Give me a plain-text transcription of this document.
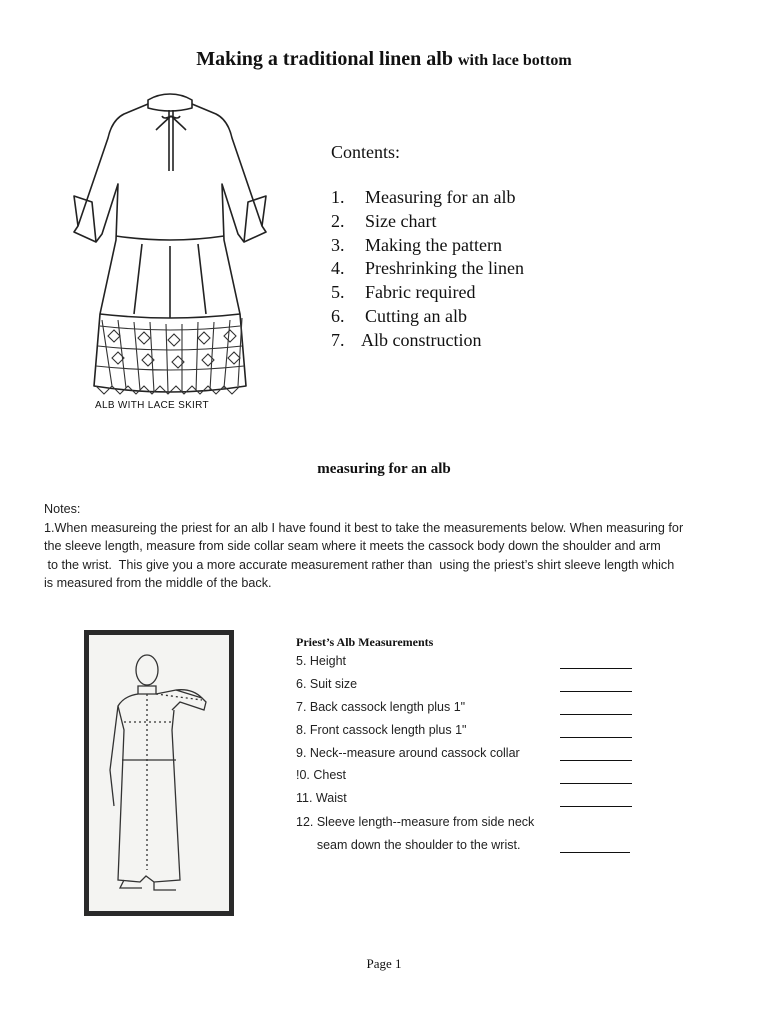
Making a traditional linen alb with lace bottom
ALB WITH LACE SKIRT
Contents:
1. Measuring for an alb
2. Size chart
3. Making the pattern
4. Preshrinking the linen
5. Fabric required
6. Cutting an alb
7. Alb construction
measuring for an alb
Notes:
1.When measureing the priest for an alb I have found it best to take the measurements below. When measuring for
the sleeve length, measure from side collar seam where it meets the cassock body down the shoulder and arm
to the wrist.  This give you a more accurate measurement rather than  using the priest’s shirt sleeve length which
is measured from the middle of the back.
Priest’s Alb Measurements
5. Height
6. Suit size
7. Back cassock length plus 1"
8. Front cassock length plus 1"
9. Neck--measure around cassock collar
!0. Chest
11. Waist
12. Sleeve length--measure from side neck
seam down the shoulder to the wrist.
Page 1
